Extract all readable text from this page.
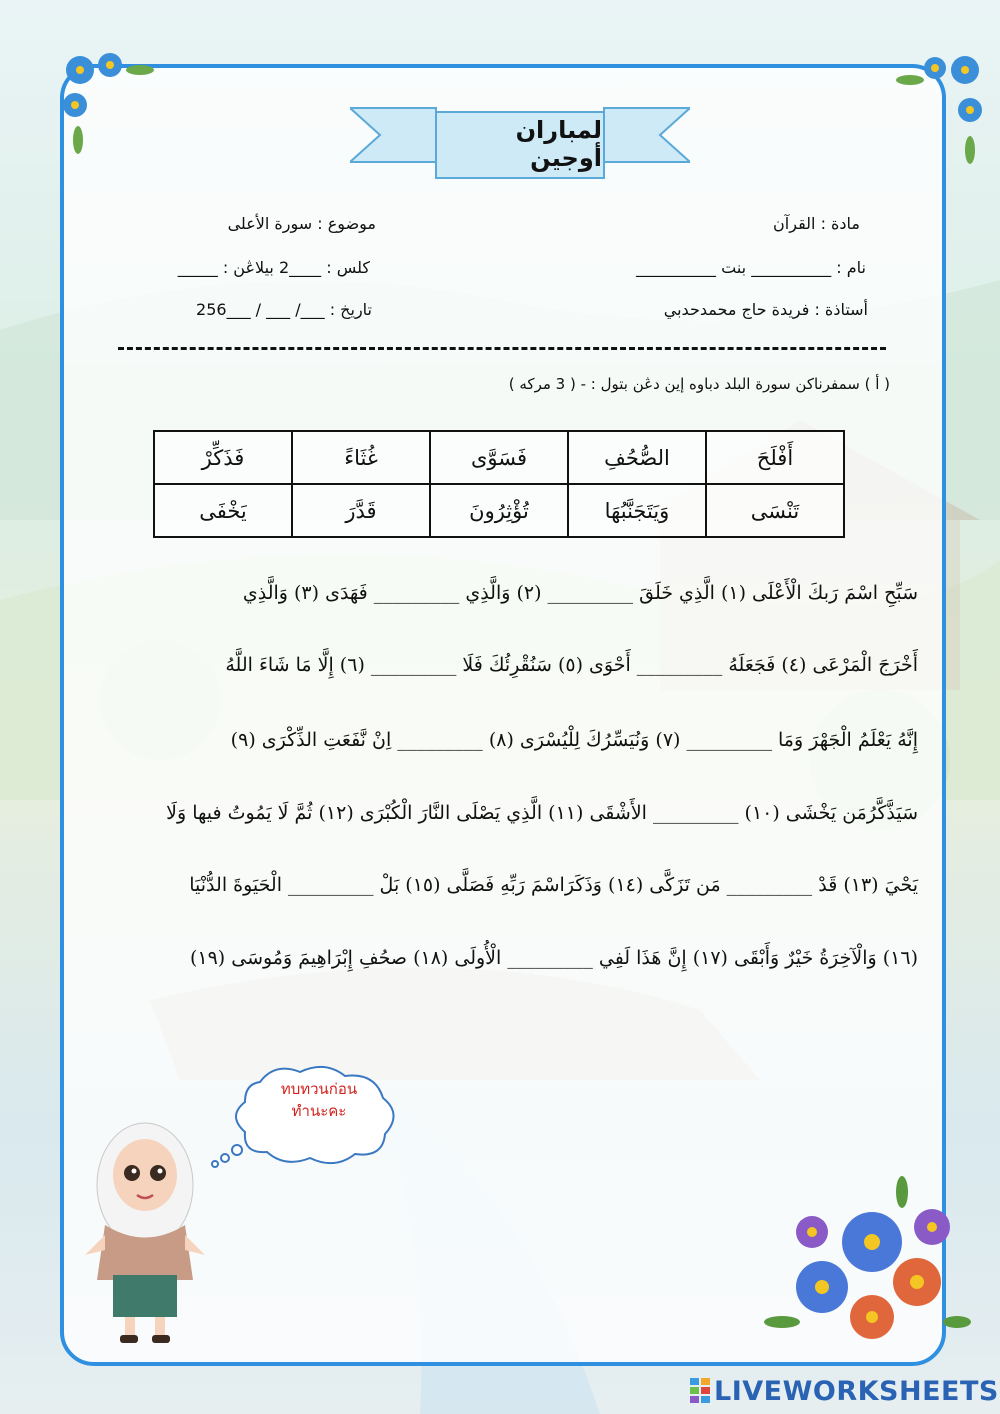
لمباران أوجين
مادة : القرآن
موضوع : سورة الأعلى
نام : __________ بنت __________
كلس : ____2 بيلاڠن : _____
أستاذة : فريدة حاج محمدحدبي
تاريخ : ___/ ___ / ___256
( أ ) سمفرناكن سورة البلد دباوه إين دڠن بتول : - ( 3 مركه )
أَفْلَحَ	الصُّحُفِ	فَسَوَّى	غُثَاءً	فَذَكِّرْ
تَنْسَى	وَيَتَجَنَّبُهَا	تُؤْثِرُونَ	قَدَّرَ	يَخْفَى
سَبِّحِ اسْمَ رَبكَ الْأَعْلَى (١) الَّذِي خَلَقَ _________ (٢) وَالَّذِي _________ فَهَدَى (٣) وَالَّذِي
أَخْرَجَ الْمَرْعَى (٤) فَجَعَلَهُ _________ أَحْوَى (٥) سَنُقْرِئُكَ فَلَا _________ (٦) إِلَّا مَا شَاءَ اللَّهُ
إِنَّهُ يَعْلَمُ الْجَهْرَ وَمَا _________ (٧) وَنُيَسِّرُكَ لِلْيُسْرَى (٨) _________ اِنْ نَّفَعَتِ الذِّكْرَى (٩)
سَيَذَّكَّرُمَن يَخْشَى (١٠) _________ الأَشْقَى (١١) الَّذِي يَصْلَى النَّارَ الْكُبْرَى (١٢) ثُمَّ لَا يَمُوتُ فيها وَلَا
يَحْيَ (١٣) قَدْ _________ مَن تَزَكَّى (١٤) وَذَكَرَاسْمَ رَبِّهِ فَصَلَّى (١٥) بَلْ _________ الْحَيَوةَ الدُّنْيَا
(١٦) وَالْآخِرَةُ خَيْرٌ وَأَبْقَى (١٧) إِنَّ هَذَا لَفِي _________ الْأُولَى (١٨) صحُفِ إِبْرَاهِيمَ وَمُوسَى (١٩)
ทบทวนก่อน
ทำนะคะ
LIVEWORKSHEETS
